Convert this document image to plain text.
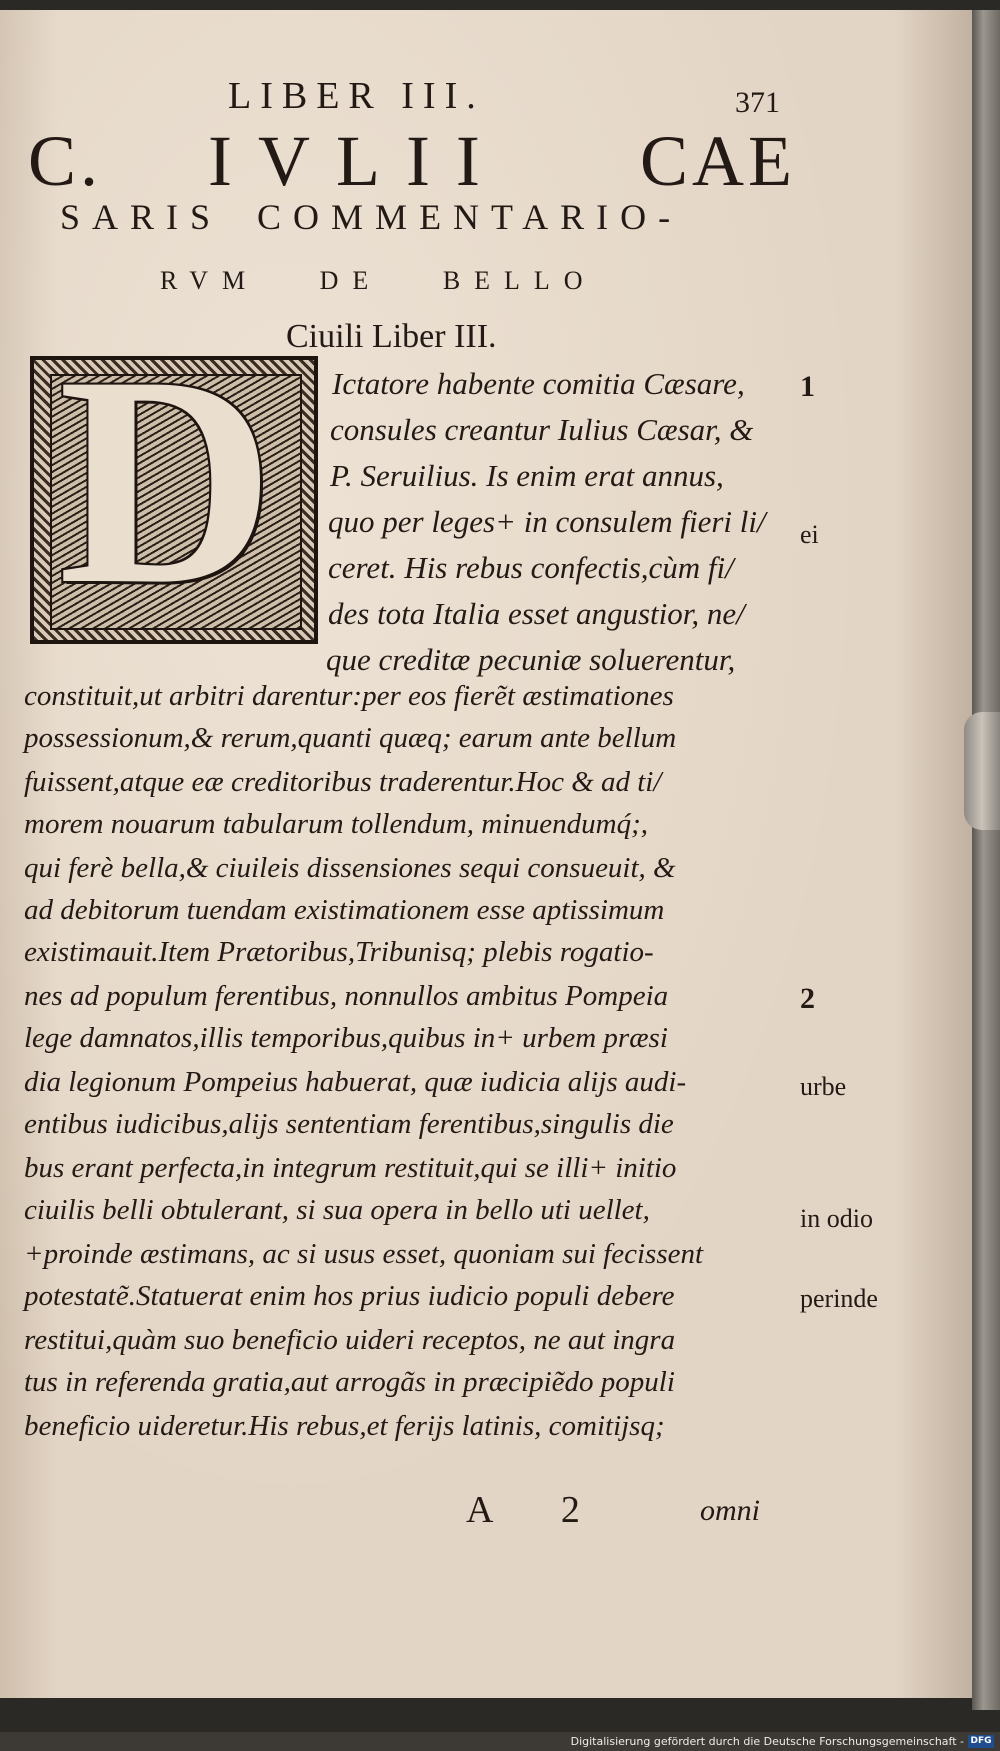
LIBER III.	371
C. IVLII CAE
SARIS COMMENTARIO-
RVM DE BELLO
Ciuili Liber III.
D Ictatore habente comitia Cæsare,
consules creantur Iulius Cæsar, &
P. Seruilius. Is enim erat annus,
quo per leges+ in consulem fieri li/
ceret. His rebus confectis,cùm fi/
des tota Italia esset angustior, ne/
que creditæ pecuniæ soluerentur,
constituit,ut arbitri darentur:per eos fierẽt æstimationes
possessionum,& rerum,quanti quæq; earum ante bellum
fuissent,atque eæ creditoribus traderentur.Hoc & ad ti/
morem nouarum tabularum tollendum, minuendumq́;,
qui ferè bella,& ciuileis dissensiones sequi consueuit, &
ad debitorum tuendam existimationem esse aptissimum
existimauit.Item Prætoribus,Tribunisq; plebis rogatio-
nes ad populum ferentibus, nonnullos ambitus Pompeia
lege damnatos,illis temporibus,quibus in+ urbem præsi
dia legionum Pompeius habuerat, quæ iudicia alijs audi-
entibus iudicibus,alijs sententiam ferentibus,singulis die
bus erant perfecta,in integrum restituit,qui se illi+ initio
ciuilis belli obtulerant, si sua opera in bello uti uellet,
+proinde æstimans, ac si usus esset, quoniam sui fecissent
potestatẽ.Statuerat enim hos prius iudicio populi debere
restitui,quàm suo beneficio uideri receptos, ne aut ingra
tus in referenda gratia,aut arrogãs in præcipiẽdo populi
beneficio uideretur.His rebus,et ferijs latinis, comitijsq;
1
ei
2
urbe
in odio
perinde
A 2	omni
Digitalisierung gefördert durch die Deutsche Forschungsgemeinschaft - DFG
